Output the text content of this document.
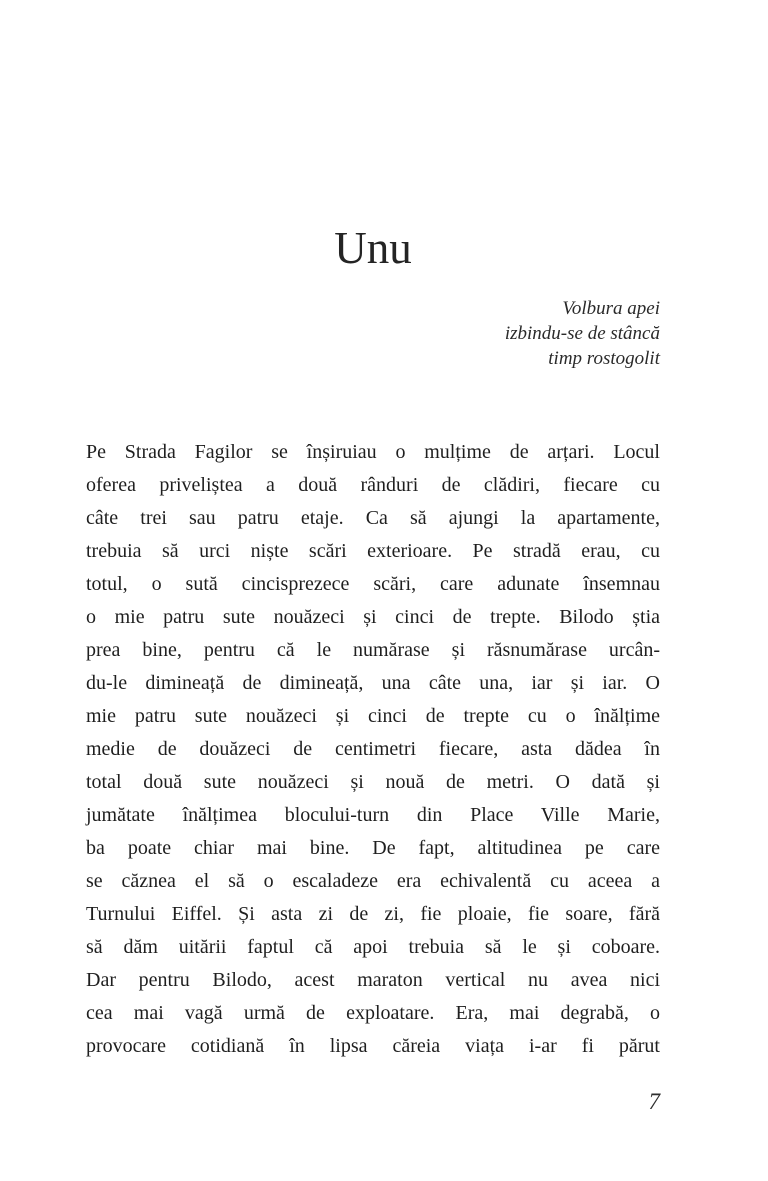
Unu
Volbura apei
izbindu-se de stâncă
timp rostogolit
Pe Strada Fagilor se înșiruiau o mulțime de arțari. Locul
oferea priveliștea a două rânduri de clădiri, fiecare cu
câte trei sau patru etaje. Ca să ajungi la apartamente,
trebuia să urci niște scări exterioare. Pe stradă erau, cu
totul, o sută cincisprezece scări, care adunate însemnau
o mie patru sute nouăzeci și cinci de trepte. Bilodo știa
prea bine, pentru că le numărase și răsnumărase urcân-
du-le dimineață de dimineață, una câte una, iar și iar. O
mie patru sute nouăzeci și cinci de trepte cu o înălțime
medie de douăzeci de centimetri fiecare, asta dădea în
total două sute nouăzeci și nouă de metri. O dată și
jumătate înălțimea blocului-turn din Place Ville Marie,
ba poate chiar mai bine. De fapt, altitudinea pe care
se căznea el să o escaladeze era echivalentă cu aceea a
Turnului Eiffel. Și asta zi de zi, fie ploaie, fie soare, fără
să dăm uitării faptul că apoi trebuia să le și coboare.
Dar pentru Bilodo, acest maraton vertical nu avea nici
cea mai vagă urmă de exploatare. Era, mai degrabă, o
provocare cotidiană în lipsa căreia viața i-ar fi părut
7
